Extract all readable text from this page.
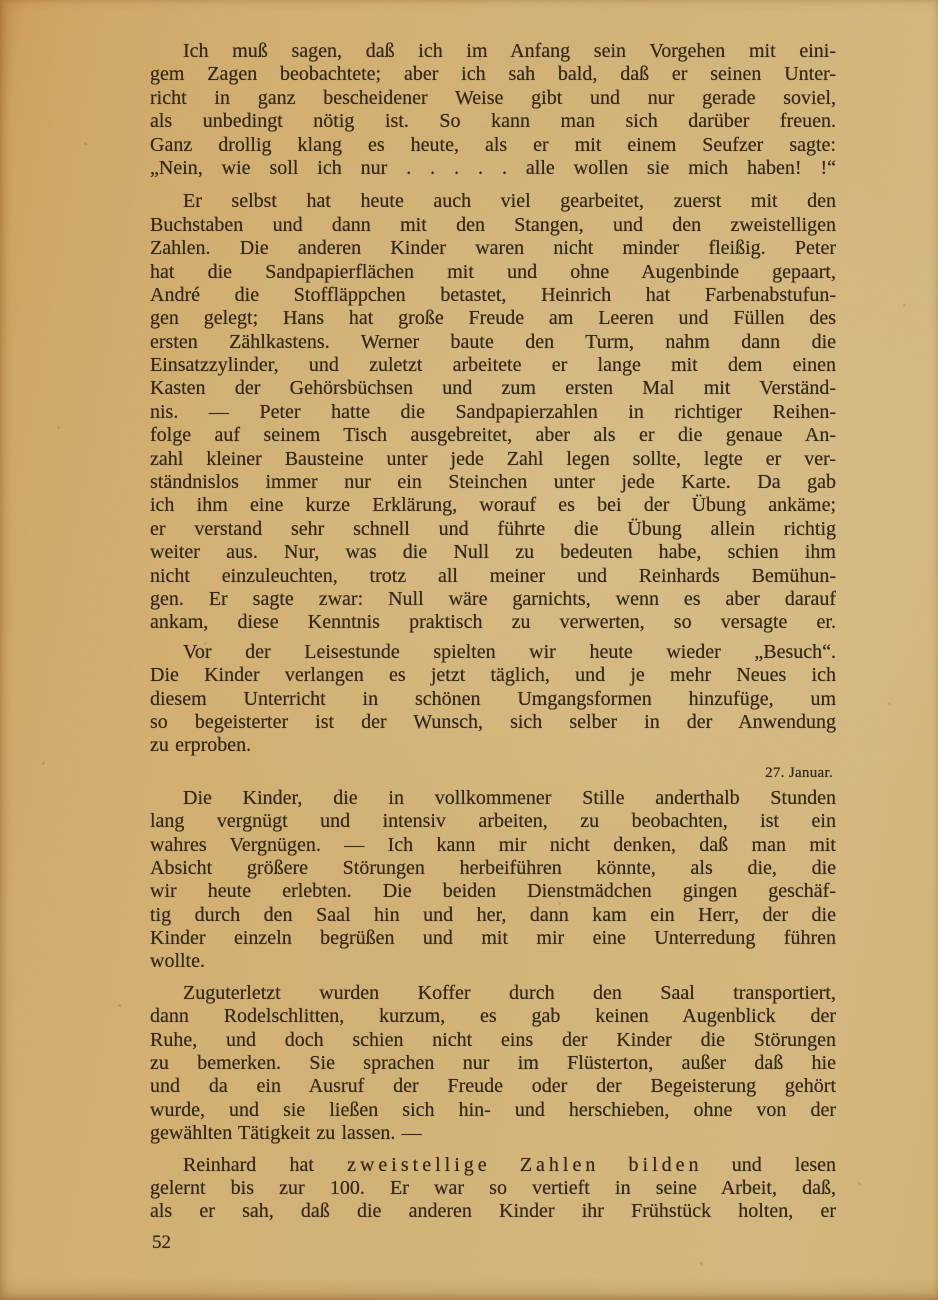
Ich muß sagen, daß ich im Anfang sein Vorgehen mit eini-
gem Zagen beobachtete; aber ich sah bald, daß er seinen Unter-
richt in ganz bescheidener Weise gibt und nur gerade soviel,
als unbedingt nötig ist. So kann man sich darüber freuen.
Ganz drollig klang es heute, als er mit einem Seufzer sagte:
„Nein, wie soll ich nur . . . . . alle wollen sie mich haben! !“
Er selbst hat heute auch viel gearbeitet, zuerst mit den
Buchstaben und dann mit den Stangen, und den zweistelligen
Zahlen. Die anderen Kinder waren nicht minder fleißig. Peter
hat die Sandpapierflächen mit und ohne Augenbinde gepaart,
André die Stoffläppchen betastet, Heinrich hat Farbenabstufun-
gen gelegt; Hans hat große Freude am Leeren und Füllen des
ersten Zählkastens. Werner baute den Turm, nahm dann die
Einsatzzylinder, und zuletzt arbeitete er lange mit dem einen
Kasten der Gehörsbüchsen und zum ersten Mal mit Verständ-
nis. — Peter hatte die Sandpapierzahlen in richtiger Reihen-
folge auf seinem Tisch ausgebreitet, aber als er die genaue An-
zahl kleiner Bausteine unter jede Zahl legen sollte, legte er ver-
ständnislos immer nur ein Steinchen unter jede Karte. Da gab
ich ihm eine kurze Erklärung, worauf es bei der Übung ankäme;
er verstand sehr schnell und führte die Übung allein richtig
weiter aus. Nur, was die Null zu bedeuten habe, schien ihm
nicht einzuleuchten, trotz all meiner und Reinhards Bemühun-
gen. Er sagte zwar: Null wäre garnichts, wenn es aber darauf
ankam, diese Kenntnis praktisch zu verwerten, so versagte er.
Vor der Leisestunde spielten wir heute wieder „Besuch“.
Die Kinder verlangen es jetzt täglich, und je mehr Neues ich
diesem Unterricht in schönen Umgangsformen hinzufüge, um
so begeisterter ist der Wunsch, sich selber in der Anwendung
zu erproben.
27. Januar.
Die Kinder, die in vollkommener Stille anderthalb Stunden
lang vergnügt und intensiv arbeiten, zu beobachten, ist ein
wahres Vergnügen. — Ich kann mir nicht denken, daß man mit
Absicht größere Störungen herbeiführen könnte, als die, die
wir heute erlebten. Die beiden Dienstmädchen gingen geschäf-
tig durch den Saal hin und her, dann kam ein Herr, der die
Kinder einzeln begrüßen und mit mir eine Unterredung führen
wollte.
Zuguterletzt wurden Koffer durch den Saal transportiert,
dann Rodelschlitten, kurzum, es gab keinen Augenblick der
Ruhe, und doch schien nicht eins der Kinder die Störungen
zu bemerken. Sie sprachen nur im Flüsterton, außer daß hie
und da ein Ausruf der Freude oder der Begeisterung gehört
wurde, und sie ließen sich hin- und herschieben, ohne von der
gewählten Tätigkeit zu lassen. —
Reinhard hat z w e i s t e l l i g e Z a h l e n b i l d e n und lesen
gelernt bis zur 100. Er war so vertieft in seine Arbeit, daß,
als er sah, daß die anderen Kinder ihr Frühstück holten, er
52
